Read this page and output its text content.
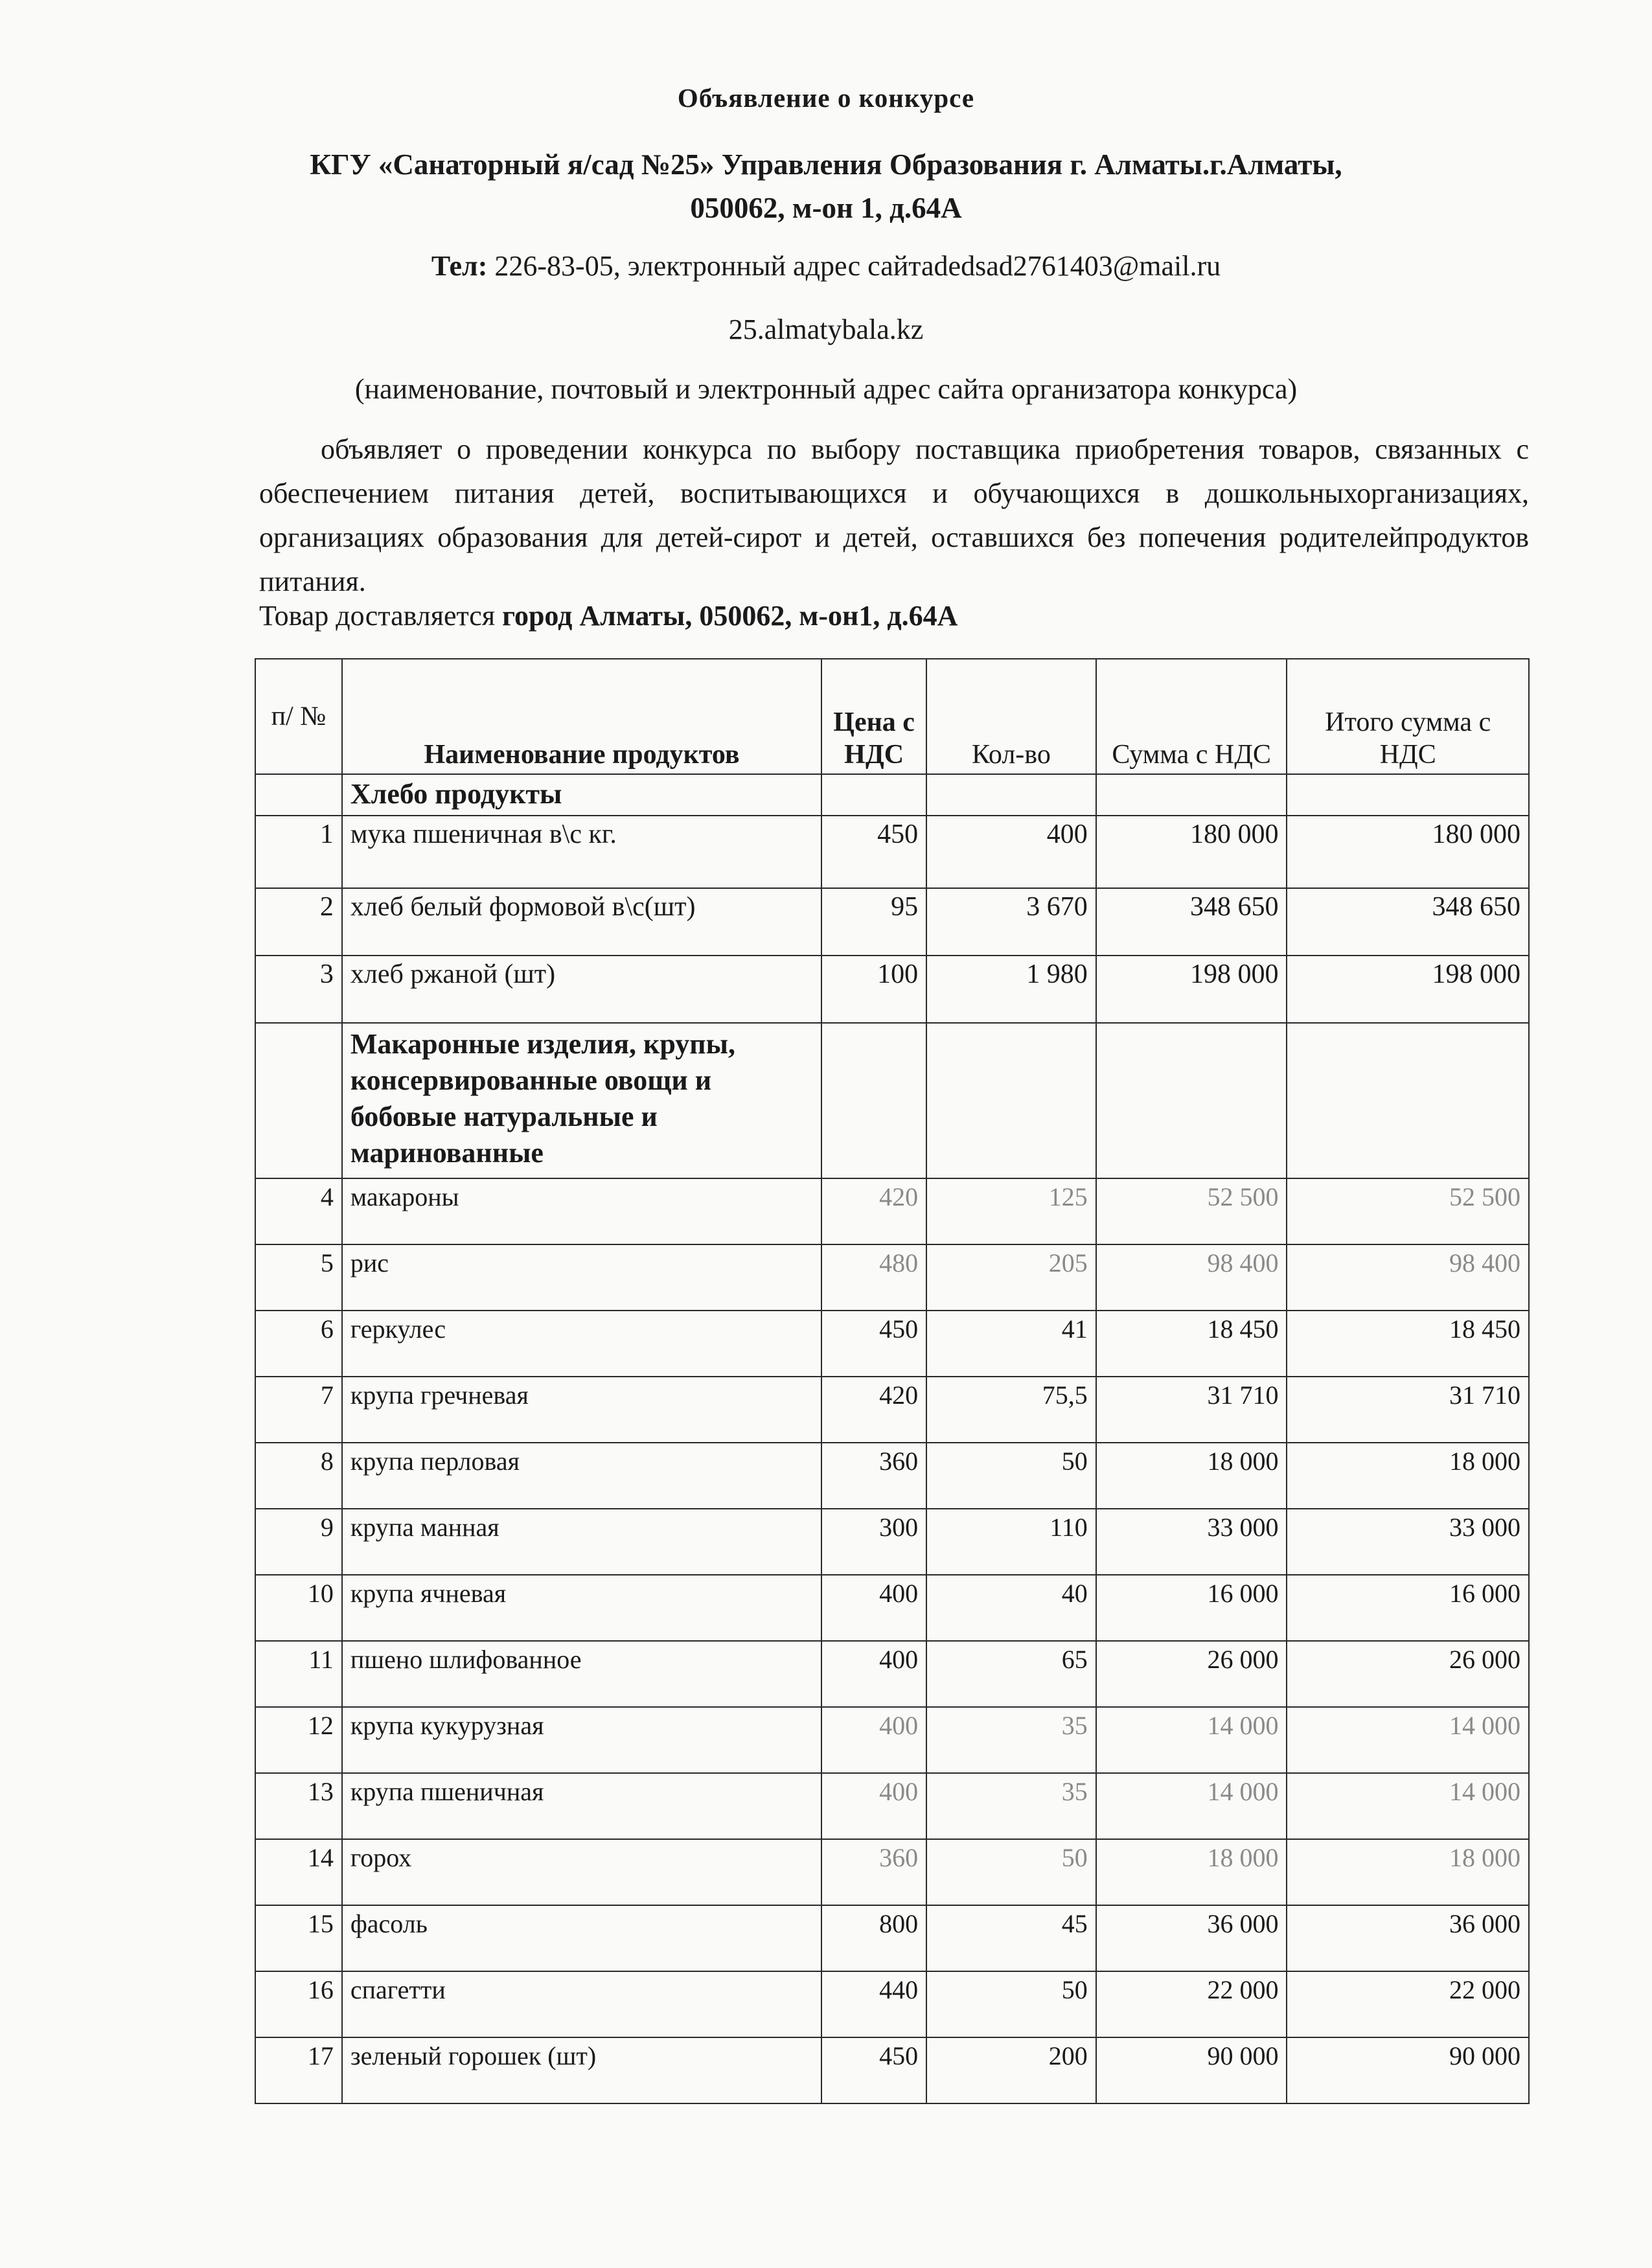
Объявление о конкурсе
КГУ «Санаторный я/сад №25» Управления Образования г. Алматы.г.Алматы,
050062, м-он 1, д.64А
Тел: 226-83-05, электронный адрес сайтаdedsad2761403@mail.ru
25.almatybala.kz
(наименование, почтовый и электронный адрес сайта организатора конкурса)
объявляет о проведении конкурса по выбору поставщика приобретения товаров, связанных с обеспечением питания детей, воспитывающихся и обучающихся в дошкольныхорганизациях, организациях образования для детей-сирот и детей, оставшихся без попечения родителейпродуктов питания.
Товар доставляется город Алматы, 050062, м-он1, д.64А
п/ №	Наименование продуктов	Цена с НДС	Кол-во	Сумма с НДС	Итого сумма с НДС
	Хлебо продукты				
1	мука пшеничная в\с кг.	450	400	180 000	180 000
2	хлеб белый формовой в\с(шт)	95	3 670	348 650	348 650
3	хлеб ржаной (шт)	100	1 980	198 000	198 000
	Макаронные изделия, крупы, консервированные овощи и бобовые натуральные и маринованные				
4	макароны	420	125	52 500	52 500
5	рис	480	205	98 400	98 400
6	геркулес	450	41	18 450	18 450
7	крупа гречневая	420	75,5	31 710	31 710
8	крупа перловая	360	50	18 000	18 000
9	крупа манная	300	110	33 000	33 000
10	крупа ячневая	400	40	16 000	16 000
11	пшено шлифованное	400	65	26 000	26 000
12	крупа кукурузная	400	35	14 000	14 000
13	крупа пшеничная	400	35	14 000	14 000
14	горох	360	50	18 000	18 000
15	фасоль	800	45	36 000	36 000
16	спагетти	440	50	22 000	22 000
17	зеленый горошек (шт)	450	200	90 000	90 000
